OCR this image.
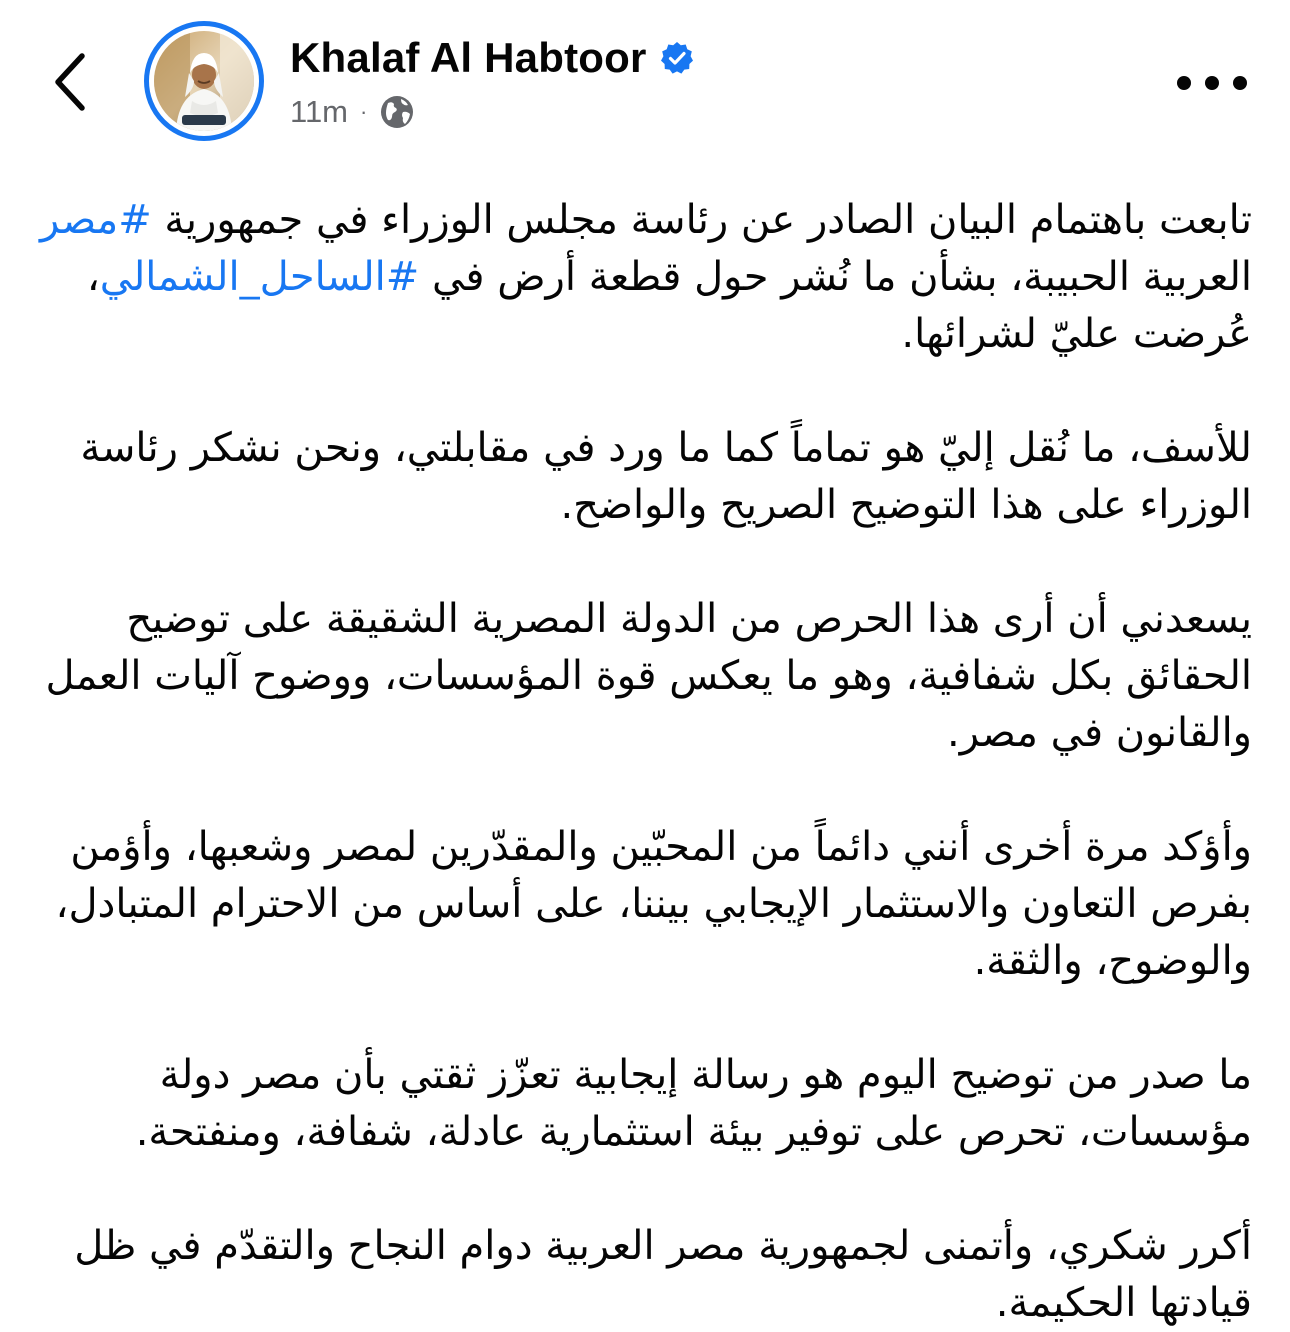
Khalaf Al Habtoor
11m ·

تابعت باهتمام البيان الصادر عن رئاسة مجلس الوزراء في جمهورية #مصر العربية الحبيبة، بشأن ما نُشر حول قطعة أرض في #الساحل_الشمالي، عُرضت عليّ لشرائها.

للأسف، ما نُقل إليّ هو تماماً كما ما ورد في مقابلتي، ونحن نشكر رئاسة الوزراء على هذا التوضيح الصريح والواضح.

يسعدني أن أرى هذا الحرص من الدولة المصرية الشقيقة على توضيح الحقائق بكل شفافية، وهو ما يعكس قوة المؤسسات، ووضوح آليات العمل والقانون في مصر.

وأؤكد مرة أخرى أنني دائماً من المحبّين والمقدّرين لمصر وشعبها، وأؤمن بفرص التعاون والاستثمار الإيجابي بيننا، على أساس من الاحترام المتبادل، والوضوح، والثقة.

ما صدر من توضيح اليوم هو رسالة إيجابية تعزّز ثقتي بأن مصر دولة مؤسسات، تحرص على توفير بيئة استثمارية عادلة، شفافة، ومنفتحة.

أكرر شكري، وأتمنى لجمهورية مصر العربية دوام النجاح والتقدّم في ظل قيادتها الحكيمة.
